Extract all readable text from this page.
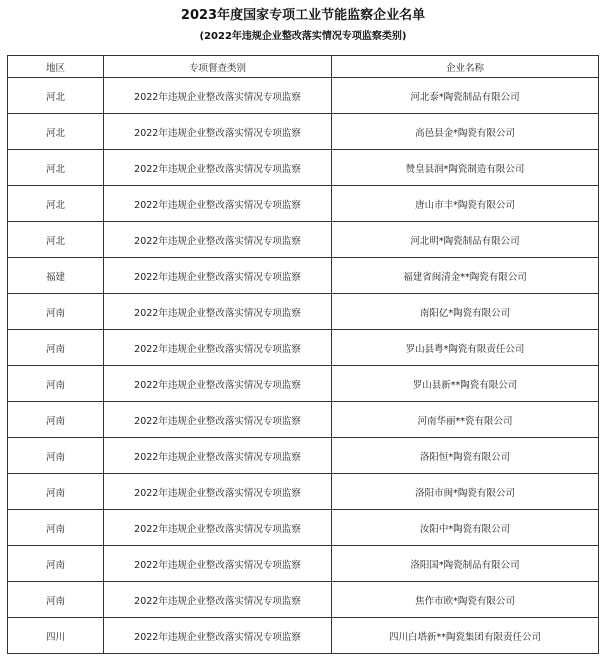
2023年度国家专项工业节能监察企业名单
(2022年违规企业整改落实情况专项监察类别)
地区	专项督查类别	企业名称
河北	2022年违规企业整改落实情况专项监察	河北泰*陶瓷制品有限公司
河北	2022年违规企业整改落实情况专项监察	高邑县金*陶瓷有限公司
河北	2022年违规企业整改落实情况专项监察	赞皇县润*陶瓷制造有限公司
河北	2022年违规企业整改落实情况专项监察	唐山市丰*陶瓷有限公司
河北	2022年违规企业整改落实情况专项监察	河北明*陶瓷制品有限公司
福建	2022年违规企业整改落实情况专项监察	福建省闽清金**陶瓷有限公司
河南	2022年违规企业整改落实情况专项监察	南阳亿*陶瓷有限公司
河南	2022年违规企业整改落实情况专项监察	罗山县粤*陶瓷有限责任公司
河南	2022年违规企业整改落实情况专项监察	罗山县新**陶瓷有限公司
河南	2022年违规企业整改落实情况专项监察	河南华丽**瓷有限公司
河南	2022年违规企业整改落实情况专项监察	洛阳恒*陶瓷有限公司
河南	2022年违规企业整改落实情况专项监察	洛阳市闽*陶瓷有限公司
河南	2022年违规企业整改落实情况专项监察	汝阳中*陶瓷有限公司
河南	2022年违规企业整改落实情况专项监察	洛阳国*陶瓷制品有限公司
河南	2022年违规企业整改落实情况专项监察	焦作市欧*陶瓷有限公司
四川	2022年违规企业整改落实情况专项监察	四川白塔新**陶瓷集团有限责任公司
